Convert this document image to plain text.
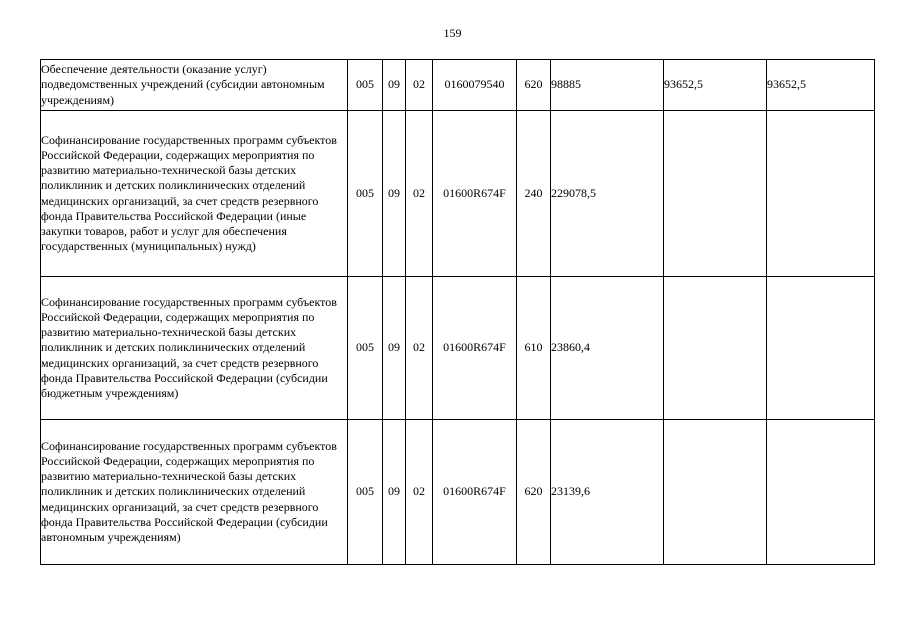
159
Обеспечение деятельности (оказание услуг) подведомственных учреждений (субсидии автономным учреждениям)	005	09	02	0160079540	620	98885	93652,5	93652,5
Софинансирование государственных программ субъектов Российской Федерации, содержащих мероприятия по развитию материально-технической базы детских поликлиник и детских поликлинических отделений медицинских организаций, за счет средств резервного фонда Правительства Российской Федерации (иные закупки товаров, работ и услуг для обеспечения государственных (муниципальных) нужд)	005	09	02	01600R674F	240	229078,5		
Софинансирование государственных программ субъектов Российской Федерации, содержащих мероприятия по развитию материально-технической базы детских поликлиник и детских поликлинических отделений медицинских организаций, за счет средств резервного фонда Правительства Российской Федерации (субсидии бюджетным учреждениям)	005	09	02	01600R674F	610	23860,4		
Софинансирование государственных программ субъектов Российской Федерации, содержащих мероприятия по развитию материально-технической базы детских поликлиник и детских поликлинических отделений медицинских организаций, за счет средств резервного фонда Правительства Российской Федерации (субсидии автономным учреждениям)	005	09	02	01600R674F	620	23139,6		
